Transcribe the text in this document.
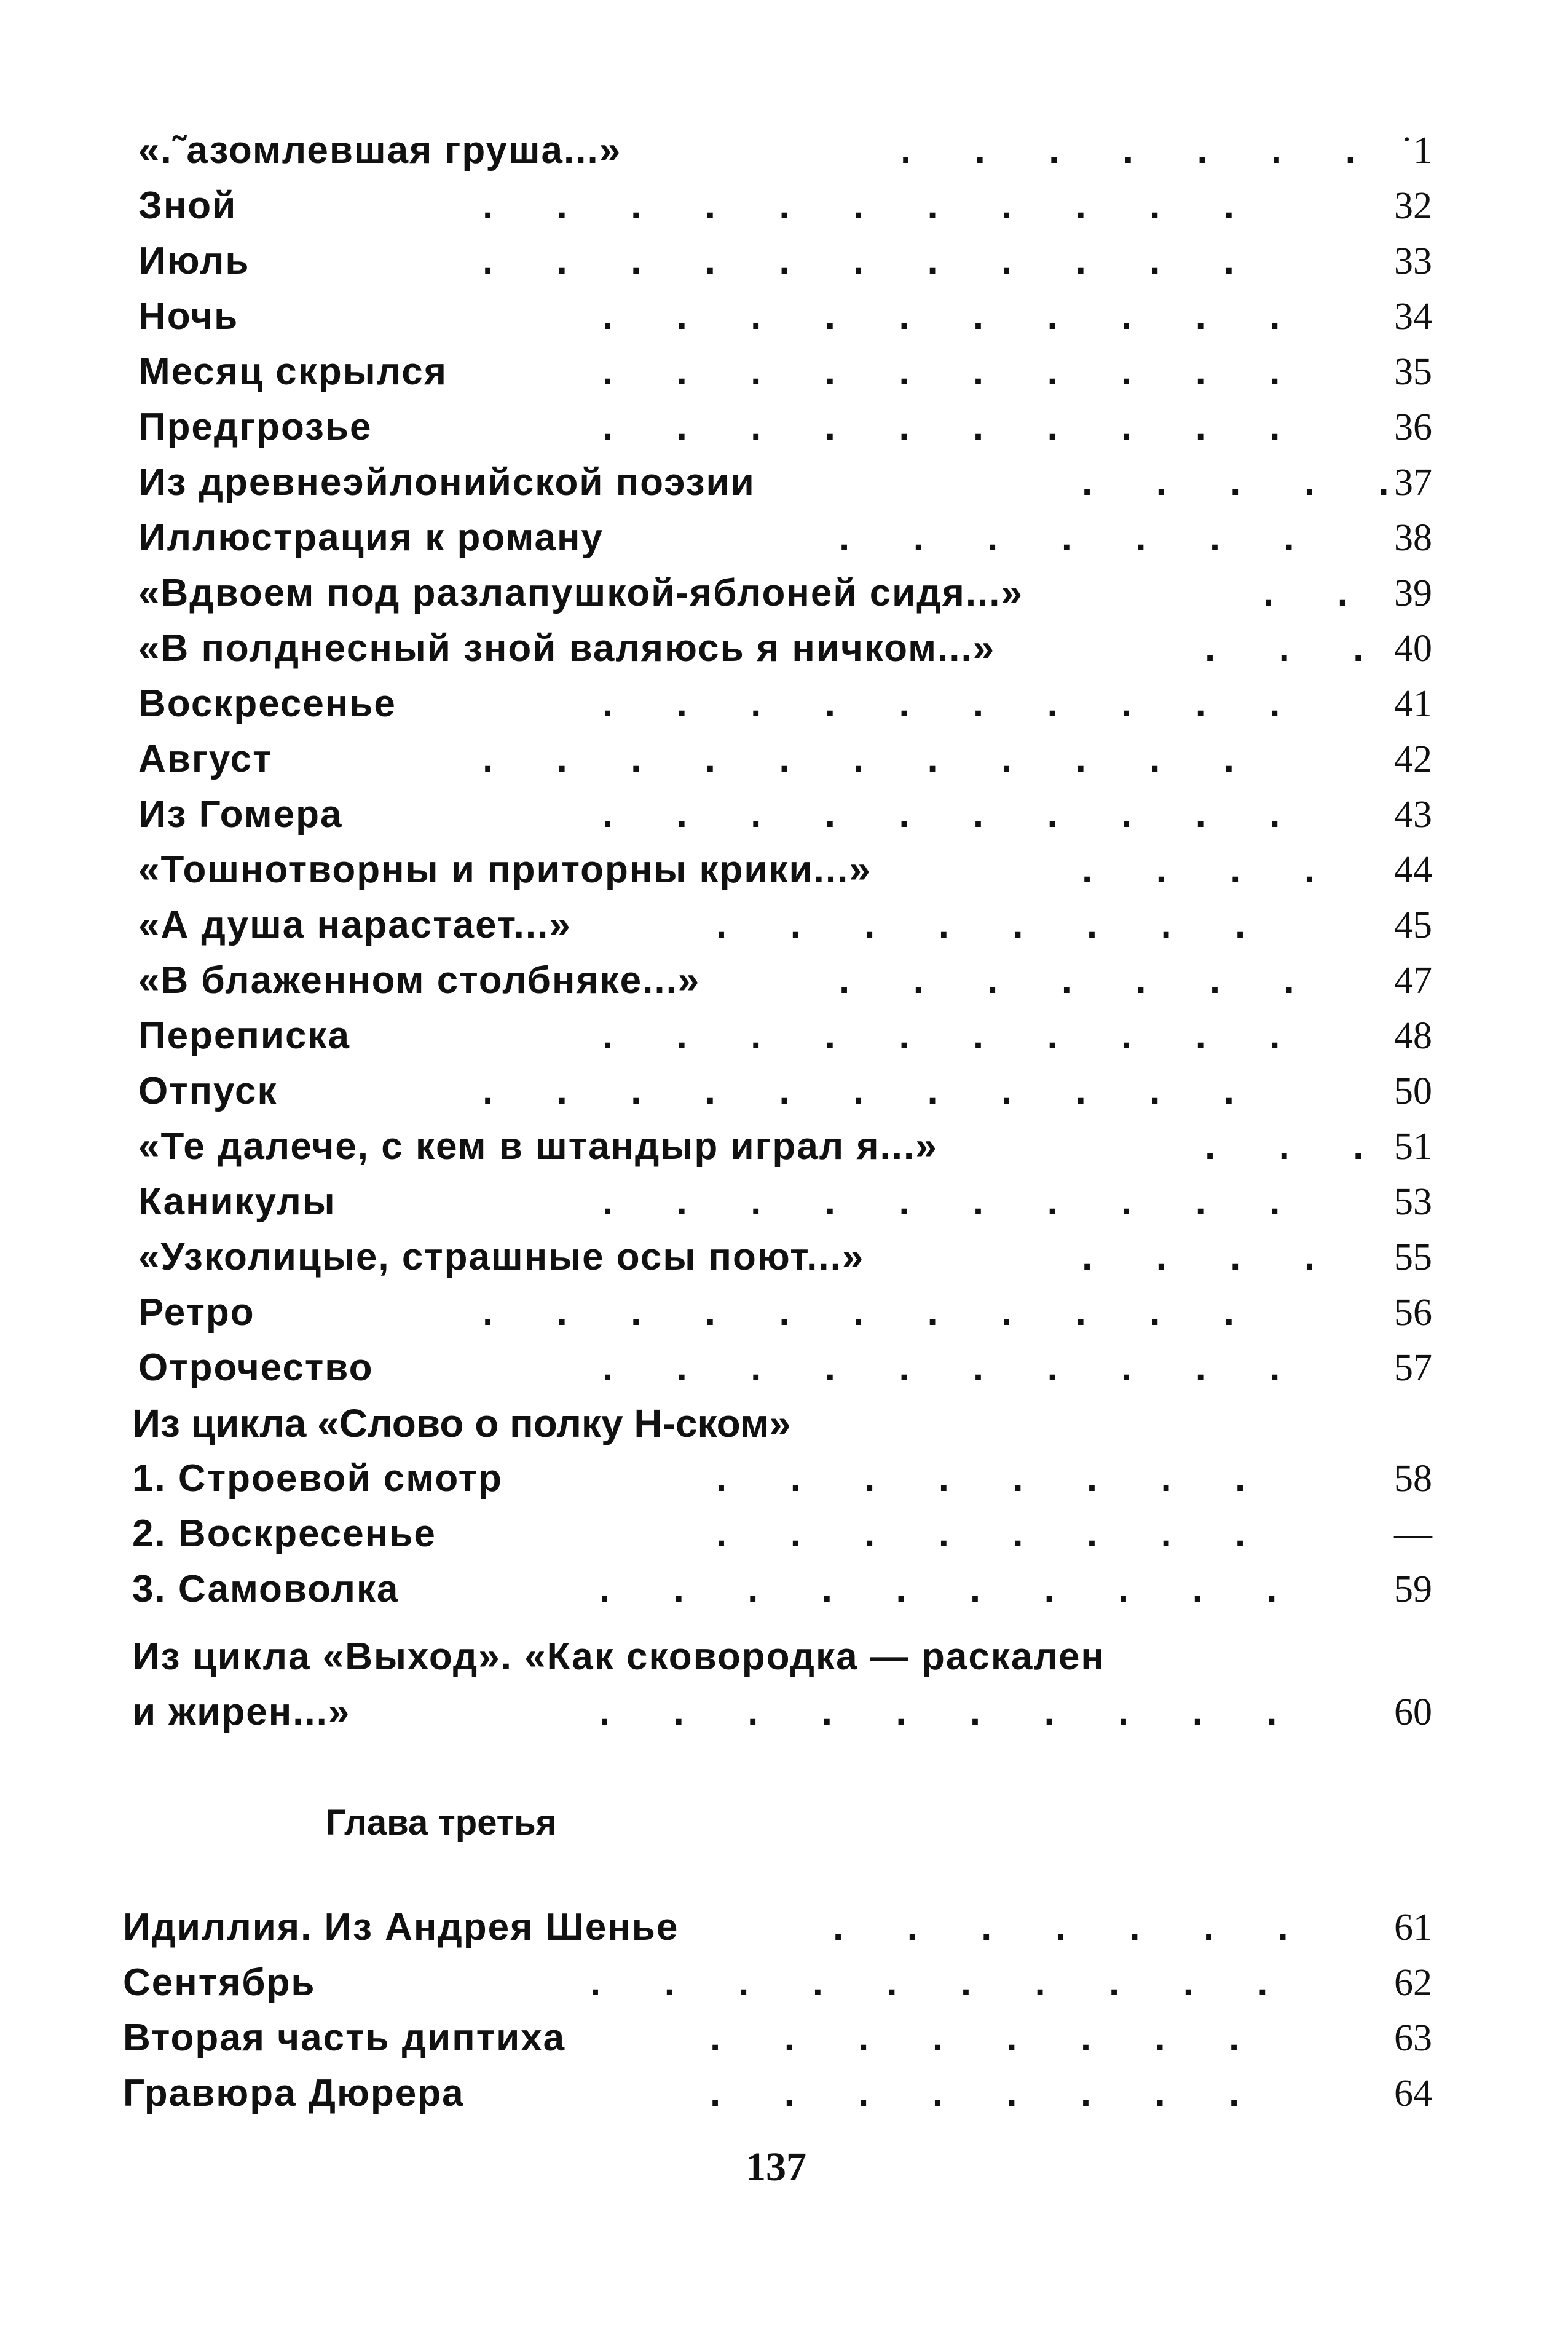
«.˜азомлевшая груша...»	.      .      .      .      .      .      . ˙1
Зной	.      .      .      .      .      .      .      .      .      .      .	32
Июль	.      .      .      .      .      .      .      .      .      .      .	33
Ночь	.      .      .      .      .      .      .      .      .      .	34
Месяц скрылся	.      .      .      .      .      .      .      .      .      .	35
Предгрозье	.      .      .      .      .      .      .      .      .      .	36
Из древнеэйлонийской поэзии	.      .      .      .      . 37
Иллюстрация к роману	.      .      .      .      .      .      .	38
«Вдвоем под разлапушкой-яблоней сидя...»	.      . 39
«В полднеcный зной валяюсь я ничком...»	.      .      . 40
Воскресенье	.      .      .      .      .      .      .      .      .      .	41
Август	.      .      .      .      .      .      .      .      .      .      .	42
Из Гомера	.      .      .      .      .      .      .      .      .      .	43
«Тошнотворны и приторны крики...»	.      .      .      .	44
«А душа нарастает...»	.      .      .      .      .      .      .      .	45
«В блаженном столбняке...»	.      .      .      .      .      .      .	47
Переписка	.      .      .      .      .      .      .      .      .      .	48
Отпуск	.      .      .      .      .      .      .      .      .      .      .	50
«Те далече, с кем в штандыр играл я...»	.      .      . 51
Каникулы	.      .      .      .      .      .      .      .      .      .	53
«Узколицые, страшные осы поют...»	.      .      .      .	55
Ретро	.      .      .      .      .      .      .      .      .      .      .	56
Отрочество	.      .      .      .      .      .      .      .      .      .	57
Из цикла «Слово о полку Н-ском»
1. Строевой смотр	.      .      .      .      .      .      .      .	58
2. Воскресенье	.      .      .      .      .      .      .      .	—
3. Самоволка	.      .      .      .      .      .      .      .      .      .	59
Из цикла «Выход». «Как сковородка — раскален
и жирен...»	.      .      .      .      .      .      .      .      .      .	60
Глава третья
Идиллия. Из Андрея Шенье	.      .      .      .      .      .      .	61
Сентябрь	.      .      .      .      .      .      .      .      .      .	62
Вторая часть диптиха	.      .      .      .      .      .      .      .	63
Гравюра Дюрера	.      .      .      .      .      .      .      .	64
137
